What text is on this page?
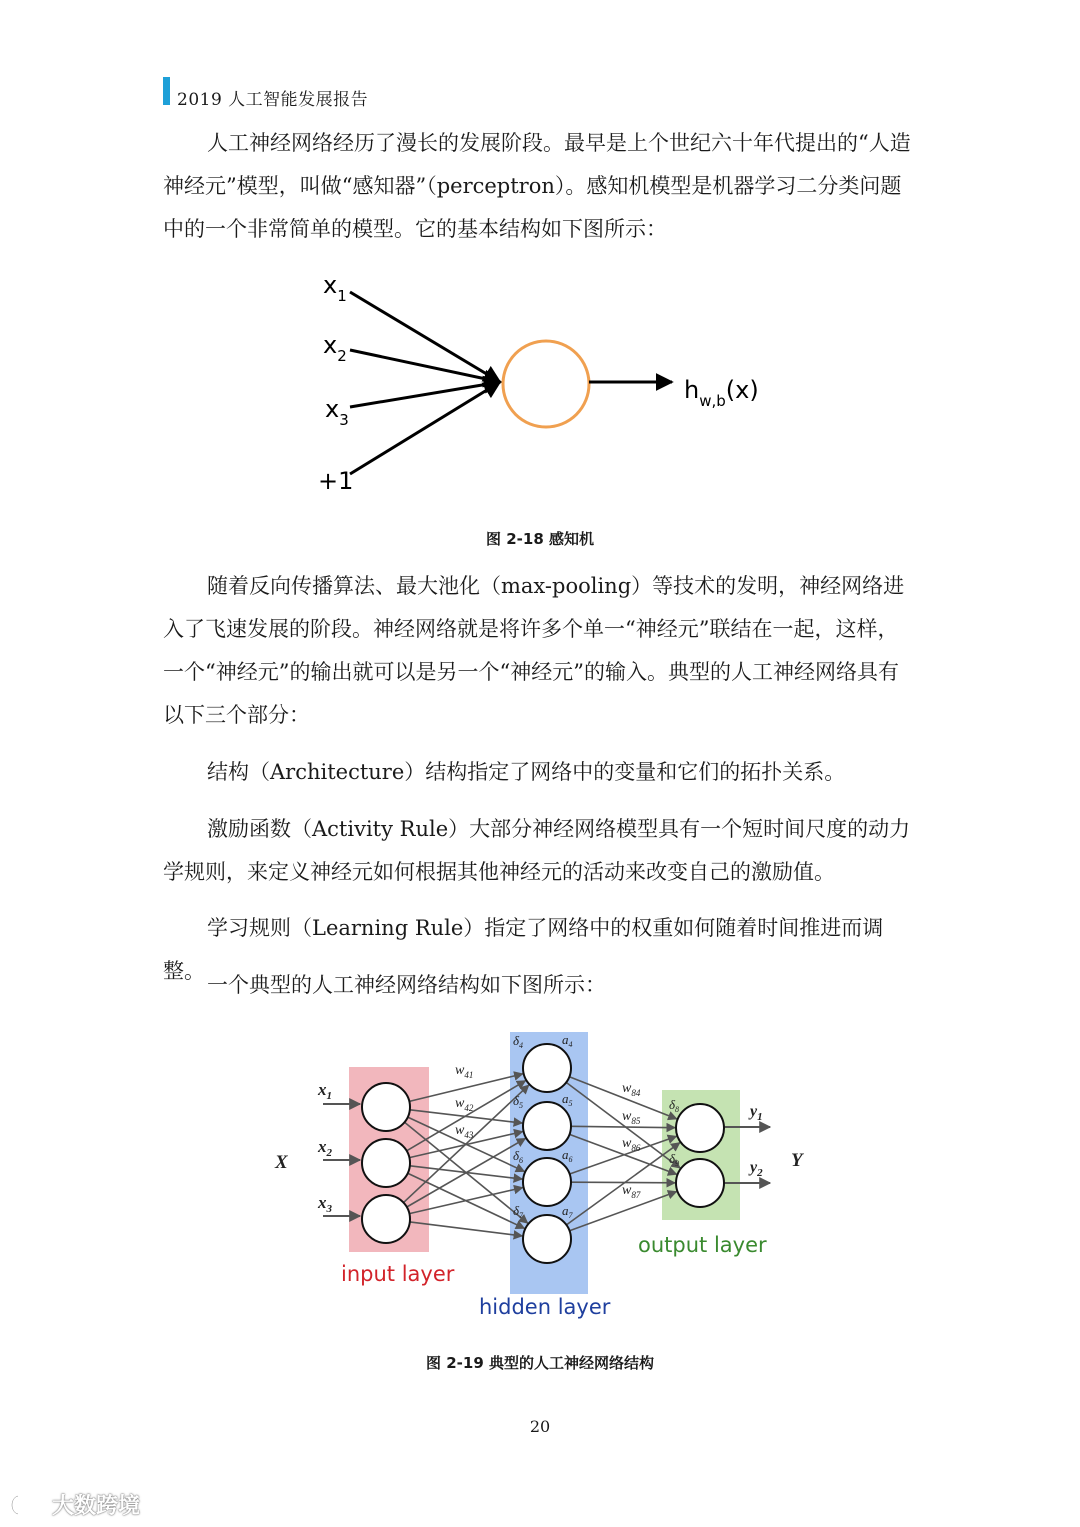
2019 人工智能发展报告

人工神经网络经历了漫长的发展阶段。最早是上个世纪六十年代提出的“人造神经元”模型，叫做“感知器”（perceptron）。感知机模型是机器学习二分类问题中的一个非常简单的模型。它的基本结构如下图所示：

$x_1$
$x_2$
$x_3$
+1
$h_{w,b}(x)$
图 2-18 感知机

随着反向传播算法、最大池化（max-pooling）等技术的发明，神经网络进入了飞速发展的阶段。神经网络就是将许多个单一“神经元”联结在一起，这样，一个“神经元”的输出就可以是另一个“神经元”的输入。典型的人工神经网络具有以下三个部分：

结构（Architecture）结构指定了网络中的变量和它们的拓扑关系。

激励函数（Activity Rule）大部分神经网络模型具有一个短时间尺度的动力学规则，来定义神经元如何根据其他神经元的活动来改变自己的激励值。

学习规则（Learning Rule）指定了网络中的权重如何随着时间推进而调整。

一个典型的人工神经网络结构如下图所示：

X	Y
$x_1$
$x_2$
$x_3$
$y_1$
$y_2$
$w_{41}$
$w_{42}$
$w_{43}$
$w_{84}$
$w_{85}$
$w_{86}$
$w_{87}$
$\delta_4$	$a_4$
$\delta_5$	$a_5$
$\delta_6$	$a_6$
$\delta_7$	$a_7$
$\delta_8$
$\delta_9$
input layer
hidden layer
output layer
图 2-19 典型的人工神经网络结构
20
大数跨境
